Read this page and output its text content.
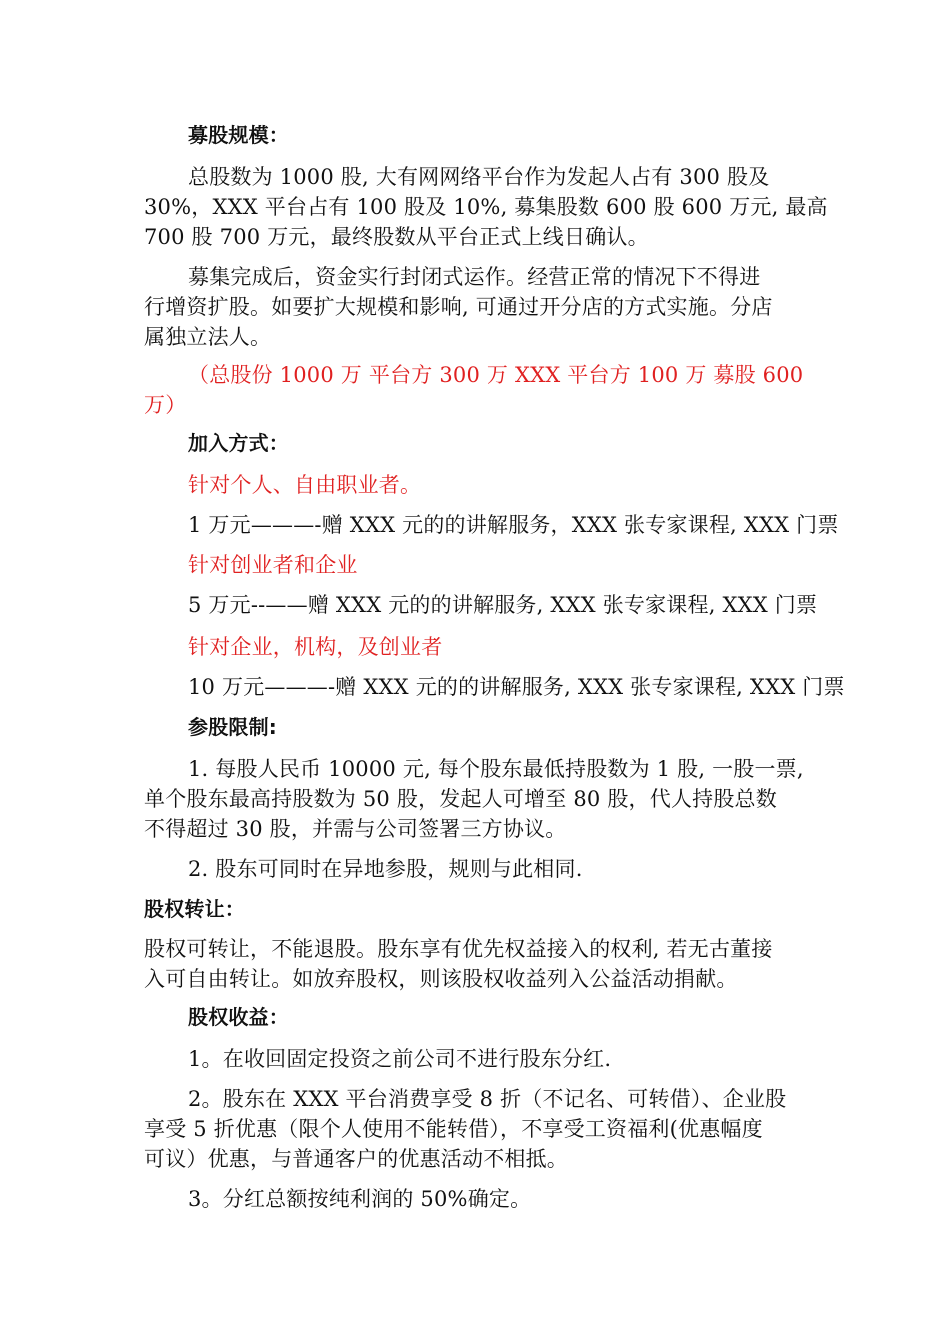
募股规模：
总股数为 1000 股, 大有网网络平台作为发起人占有 300 股及
30%，XXX 平台占有 100 股及 10%, 募集股数 600 股 600 万元, 最高
700 股 700 万元，最终股数从平台正式上线日确认。
募集完成后，资金实行封闭式运作。经营正常的情况下不得进
行增资扩股。如要扩大规模和影响, 可通过开分店的方式实施。分店
属独立法人。
（总股份 1000 万 平台方 300 万 XXX 平台方 100 万 募股 600
万）
加入方式：
针对个人、自由职业者。
1 万元———-赠 XXX 元的的讲解服务，XXX 张专家课程, XXX 门票
针对创业者和企业
5 万元--——赠 XXX 元的的讲解服务, XXX 张专家课程, XXX 门票
针对企业，机构，及创业者
10 万元———-赠 XXX 元的的讲解服务, XXX 张专家课程, XXX 门票
参股限制:
1. 每股人民币 10000 元, 每个股东最低持股数为 1 股, 一股一票,
单个股东最高持股数为 50 股，发起人可增至 80 股，代人持股总数
不得超过 30 股，并需与公司签署三方协议。
2. 股东可同时在异地参股，规则与此相同.
股权转让：
股权可转让，不能退股。股东享有优先权益接入的权利, 若无古董接
入可自由转让。如放弃股权，则该股权收益列入公益活动捐献。
股权收益：
1。在收回固定投资之前公司不进行股东分红.
2。股东在 XXX 平台消费享受 8 折（不记名、可转借）、企业股
享受 5 折优惠（限个人使用不能转借），不享受工资福利(优惠幅度
可议）优惠，与普通客户的优惠活动不相抵。
3。分红总额按纯利润的 50%确定。
